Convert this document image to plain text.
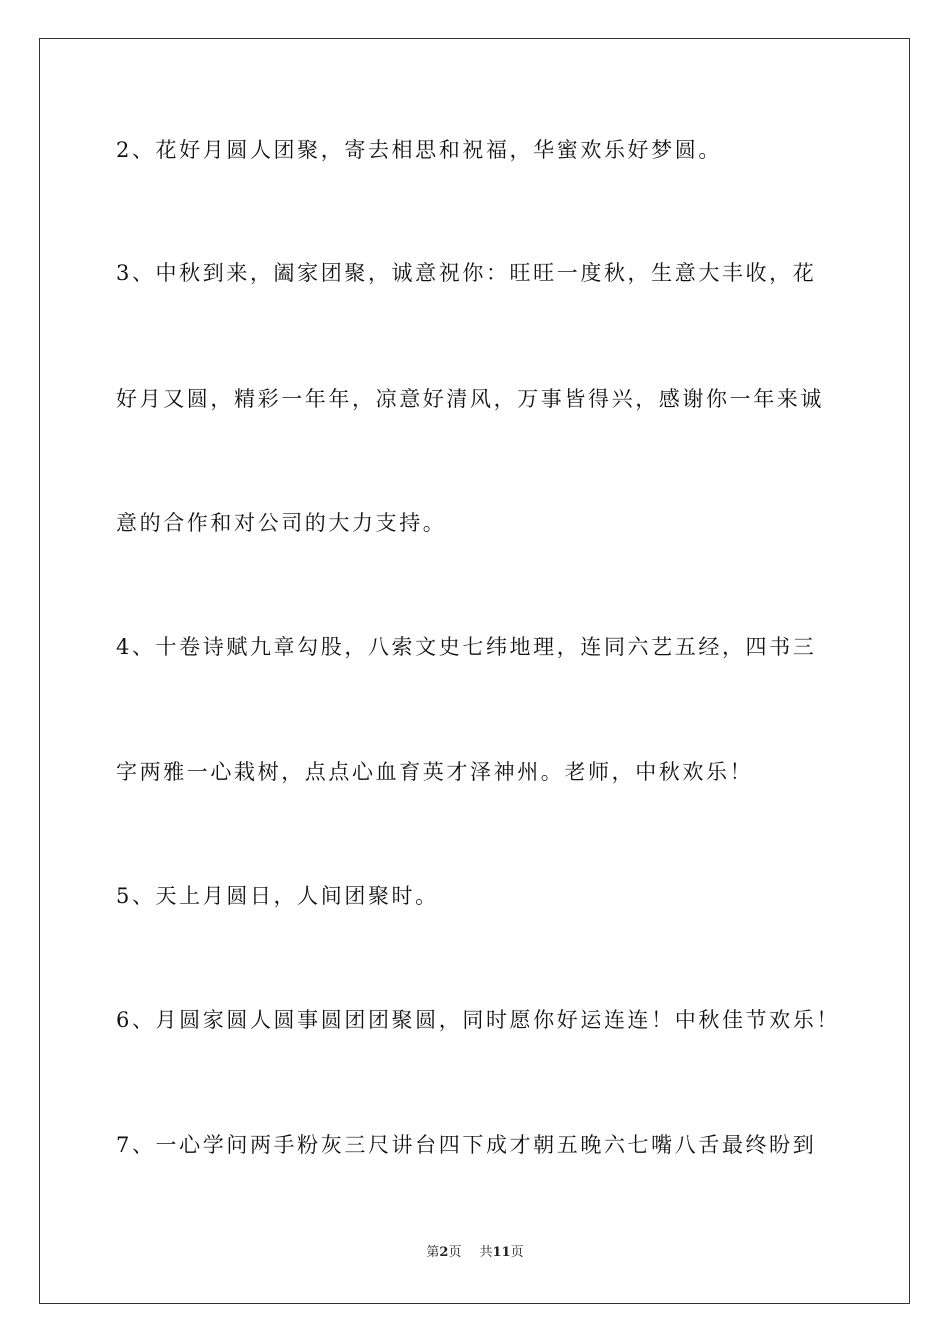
2、花好月圆人团聚，寄去相思和祝福，华蜜欢乐好梦圆。
3、中秋到来，阖家团聚，诚意祝你：旺旺一度秋，生意大丰收，花
好月又圆，精彩一年年，凉意好清风，万事皆得兴，感谢你一年来诚
意的合作和对公司的大力支持。
4、十卷诗赋九章勾股，八索文史七纬地理，连同六艺五经，四书三
字两雅一心栽树，点点心血育英才泽神州。老师，中秋欢乐！
5、天上月圆日，人间团聚时。
6、月圆家圆人圆事圆团团聚圆，同时愿你好运连连！中秋佳节欢乐！
7、一心学问两手粉灰三尺讲台四下成才朝五晚六七嘴八舌最终盼到
第2页 共11页
